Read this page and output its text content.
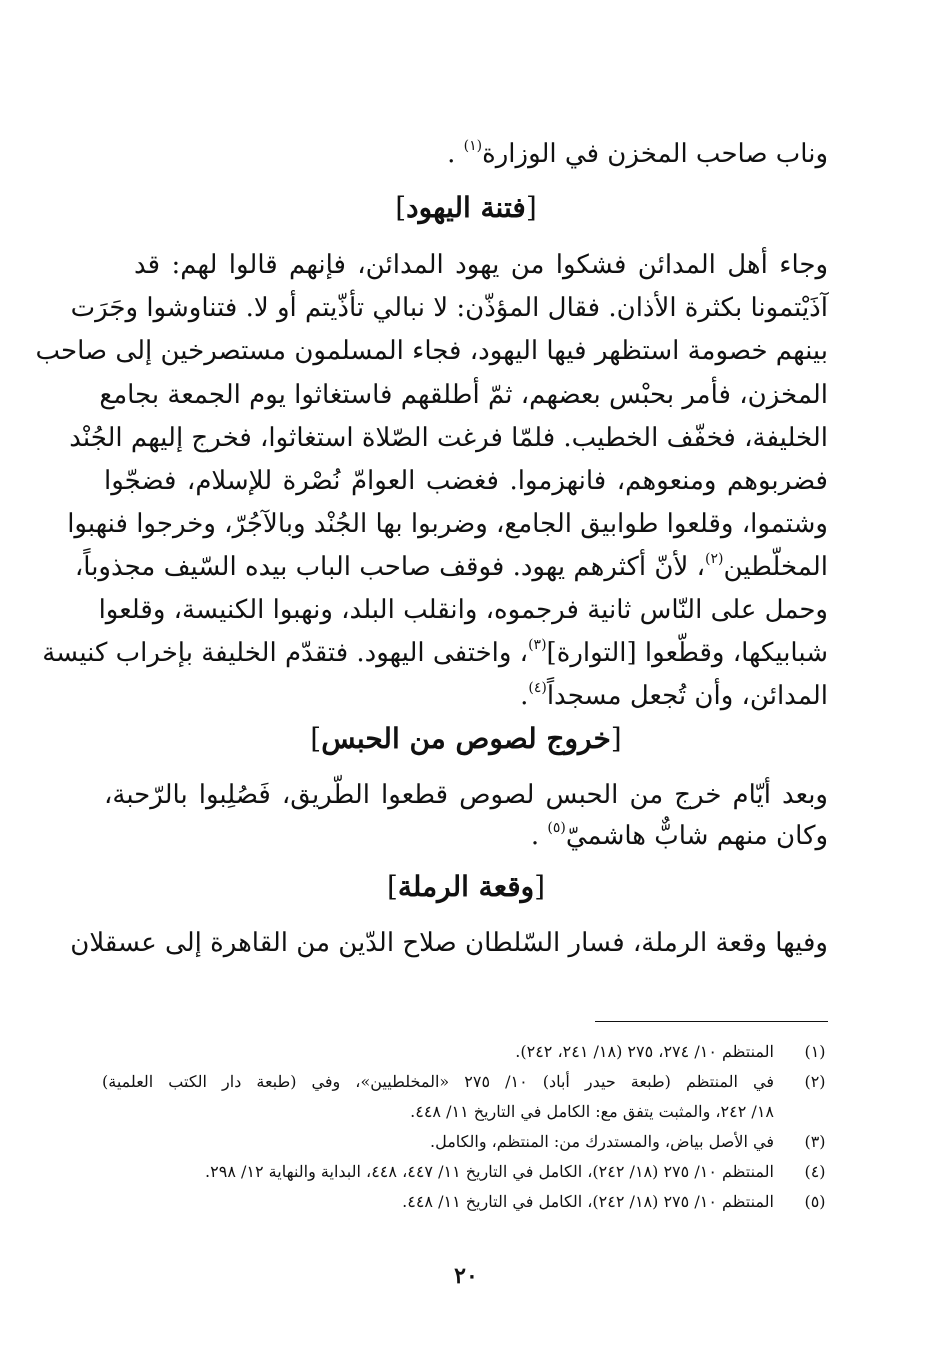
وناب صاحب المخزن في الوزارة$^{(١)}$ .
[فتنة اليهود]
وجاء أهل المدائن فشكوا من يهود المدائن، فإنهم قالوا لهم: قد
آذَيْتمونا بكثرة الأذان. فقال المؤذّن: لا نبالي تأذّيتم أو لا. فتناوشوا وجَرَت
بينهم خصومة استظهر فيها اليهود، فجاء المسلمون مستصرخين إلى صاحب
المخزن، فأمر بحبْس بعضهم، ثمّ أطلقهم فاستغاثوا يوم الجمعة بجامع
الخليفة، فخفّف الخطيب. فلمّا فرغت الصّلاة استغاثوا، فخرج إليهم الجُنْد
فضربوهم ومنعوهم، فانهزموا. فغضب العوامّ نُصْرة للإسلام، فضجّوا
وشتموا، وقلعوا طوابيق الجامع، وضربوا بها الجُنْد وبالآجُرّ، وخرجوا فنهبوا
المخلّطين$^{(٢)}$، لأنّ أكثرهم يهود. فوقف صاحب الباب بيده السّيف مجذوباً،
وحمل على النّاس ثانية فرجموه، وانقلب البلد، ونهبوا الكنيسة، وقلعوا
شبابيكها، وقطّعوا [التوارة]$^{(٣)}$، واختفى اليهود. فتقدّم الخليفة بإخراب كنيسة
المدائن، وأن تُجعل مسجداً$^{(٤)}$.
[خروج لصوص من الحبس]
وبعد أيّام خرج من الحبس لصوص قطعوا الطّريق، فَصُلِبوا بالرّحبة،
وكان منهم شابٌّ هاشميّ$^{(٥)}$ .
[وقعة الرملة]
وفيها وقعة الرملة، فسار السّلطان صلاح الدّين من القاهرة إلى عسقلان
(١)
المنتظم ١٠/ ٢٧٤، ٢٧٥ (١٨/ ٢٤١، ٢٤٢).
(٢)
في المنتظم (طبعة حيدر أباد) ١٠/ ٢٧٥ «المخلطيين»، وفي (طبعة دار الكتب العلمية)
١٨/ ٢٤٢، والمثبت يتفق مع: الكامل في التاريخ ١١/ ٤٤٨.
(٣)
في الأصل بياض، والمستدرك من: المنتظم، والكامل.
(٤)
المنتظم ١٠/ ٢٧٥ (١٨/ ٢٤٢)، الكامل في التاريخ ١١/ ٤٤٧، ٤٤٨، البداية والنهاية ١٢/ ٢٩٨.
(٥)
المنتظم ١٠/ ٢٧٥ (١٨/ ٢٤٢)، الكامل في التاريخ ١١/ ٤٤٨.
٢٠
